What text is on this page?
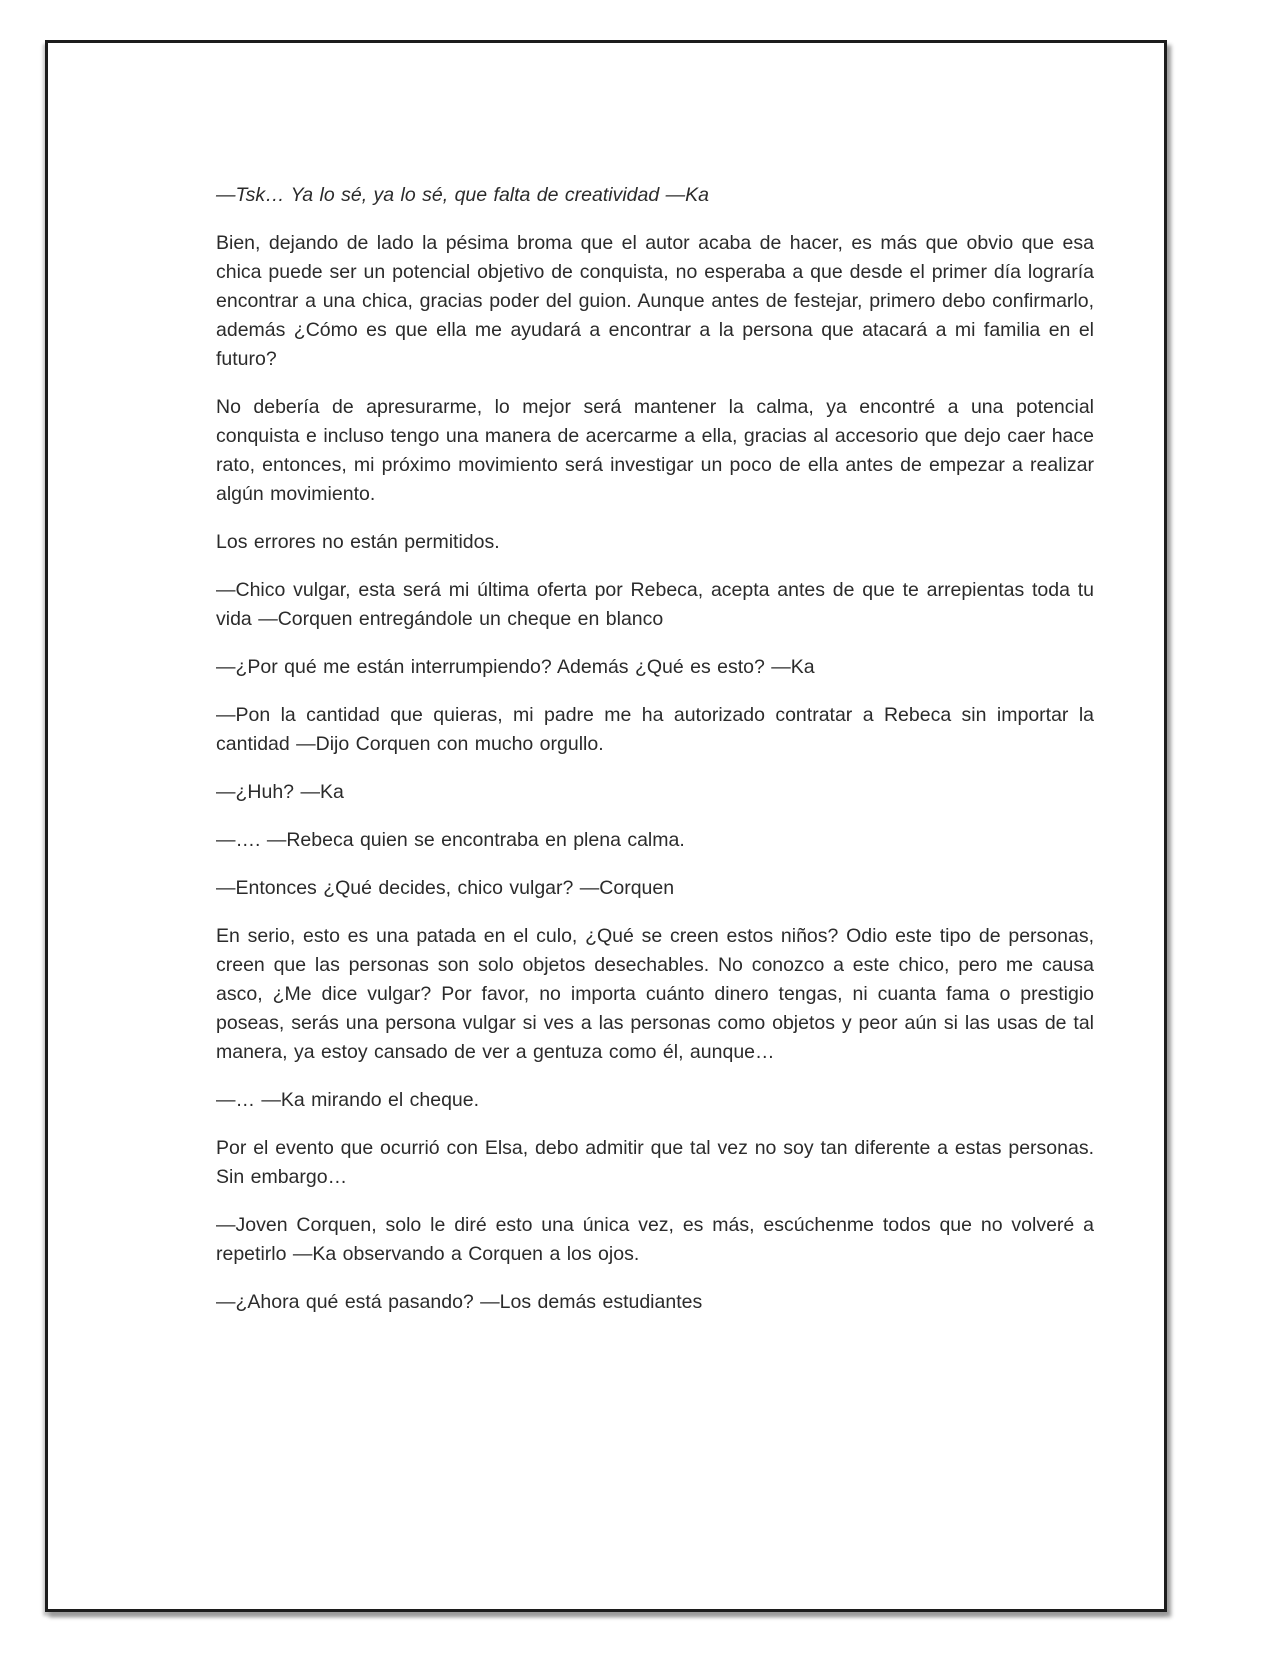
—Tsk… Ya lo sé, ya lo sé, que falta de creatividad —Ka

Bien, dejando de lado la pésima broma que el autor acaba de hacer, es más que obvio que esa chica puede ser un potencial objetivo de conquista, no esperaba a que desde el primer día lograría encontrar a una chica, gracias poder del guion. Aunque antes de festejar, primero debo confirmarlo, además ¿Cómo es que ella me ayudará a encontrar a la persona que atacará a mi familia en el futuro?

No debería de apresurarme, lo mejor será mantener la calma, ya encontré a una potencial conquista e incluso tengo una manera de acercarme a ella, gracias al accesorio que dejo caer hace rato, entonces, mi próximo movimiento será investigar un poco de ella antes de empezar a realizar algún movimiento.

Los errores no están permitidos.

—Chico vulgar, esta será mi última oferta por Rebeca, acepta antes de que te arrepientas toda tu vida —Corquen entregándole un cheque en blanco

—¿Por qué me están interrumpiendo? Además ¿Qué es esto? —Ka

—Pon la cantidad que quieras, mi padre me ha autorizado contratar a Rebeca sin importar la cantidad —Dijo Corquen con mucho orgullo.

—¿Huh? —Ka

—…. —Rebeca quien se encontraba en plena calma.

—Entonces ¿Qué decides, chico vulgar? —Corquen

En serio, esto es una patada en el culo, ¿Qué se creen estos niños? Odio este tipo de personas, creen que las personas son solo objetos desechables. No conozco a este chico, pero me causa asco, ¿Me dice vulgar? Por favor, no importa cuánto dinero tengas, ni cuanta fama o prestigio poseas, serás una persona vulgar si ves a las personas como objetos y peor aún si las usas de tal manera, ya estoy cansado de ver a gentuza como él, aunque…

—… —Ka mirando el cheque.

Por el evento que ocurrió con Elsa, debo admitir que tal vez no soy tan diferente a estas personas. Sin embargo…

—Joven Corquen, solo le diré esto una única vez, es más, escúchenme todos que no volveré a repetirlo —Ka observando a Corquen a los ojos.

—¿Ahora qué está pasando? —Los demás estudiantes
